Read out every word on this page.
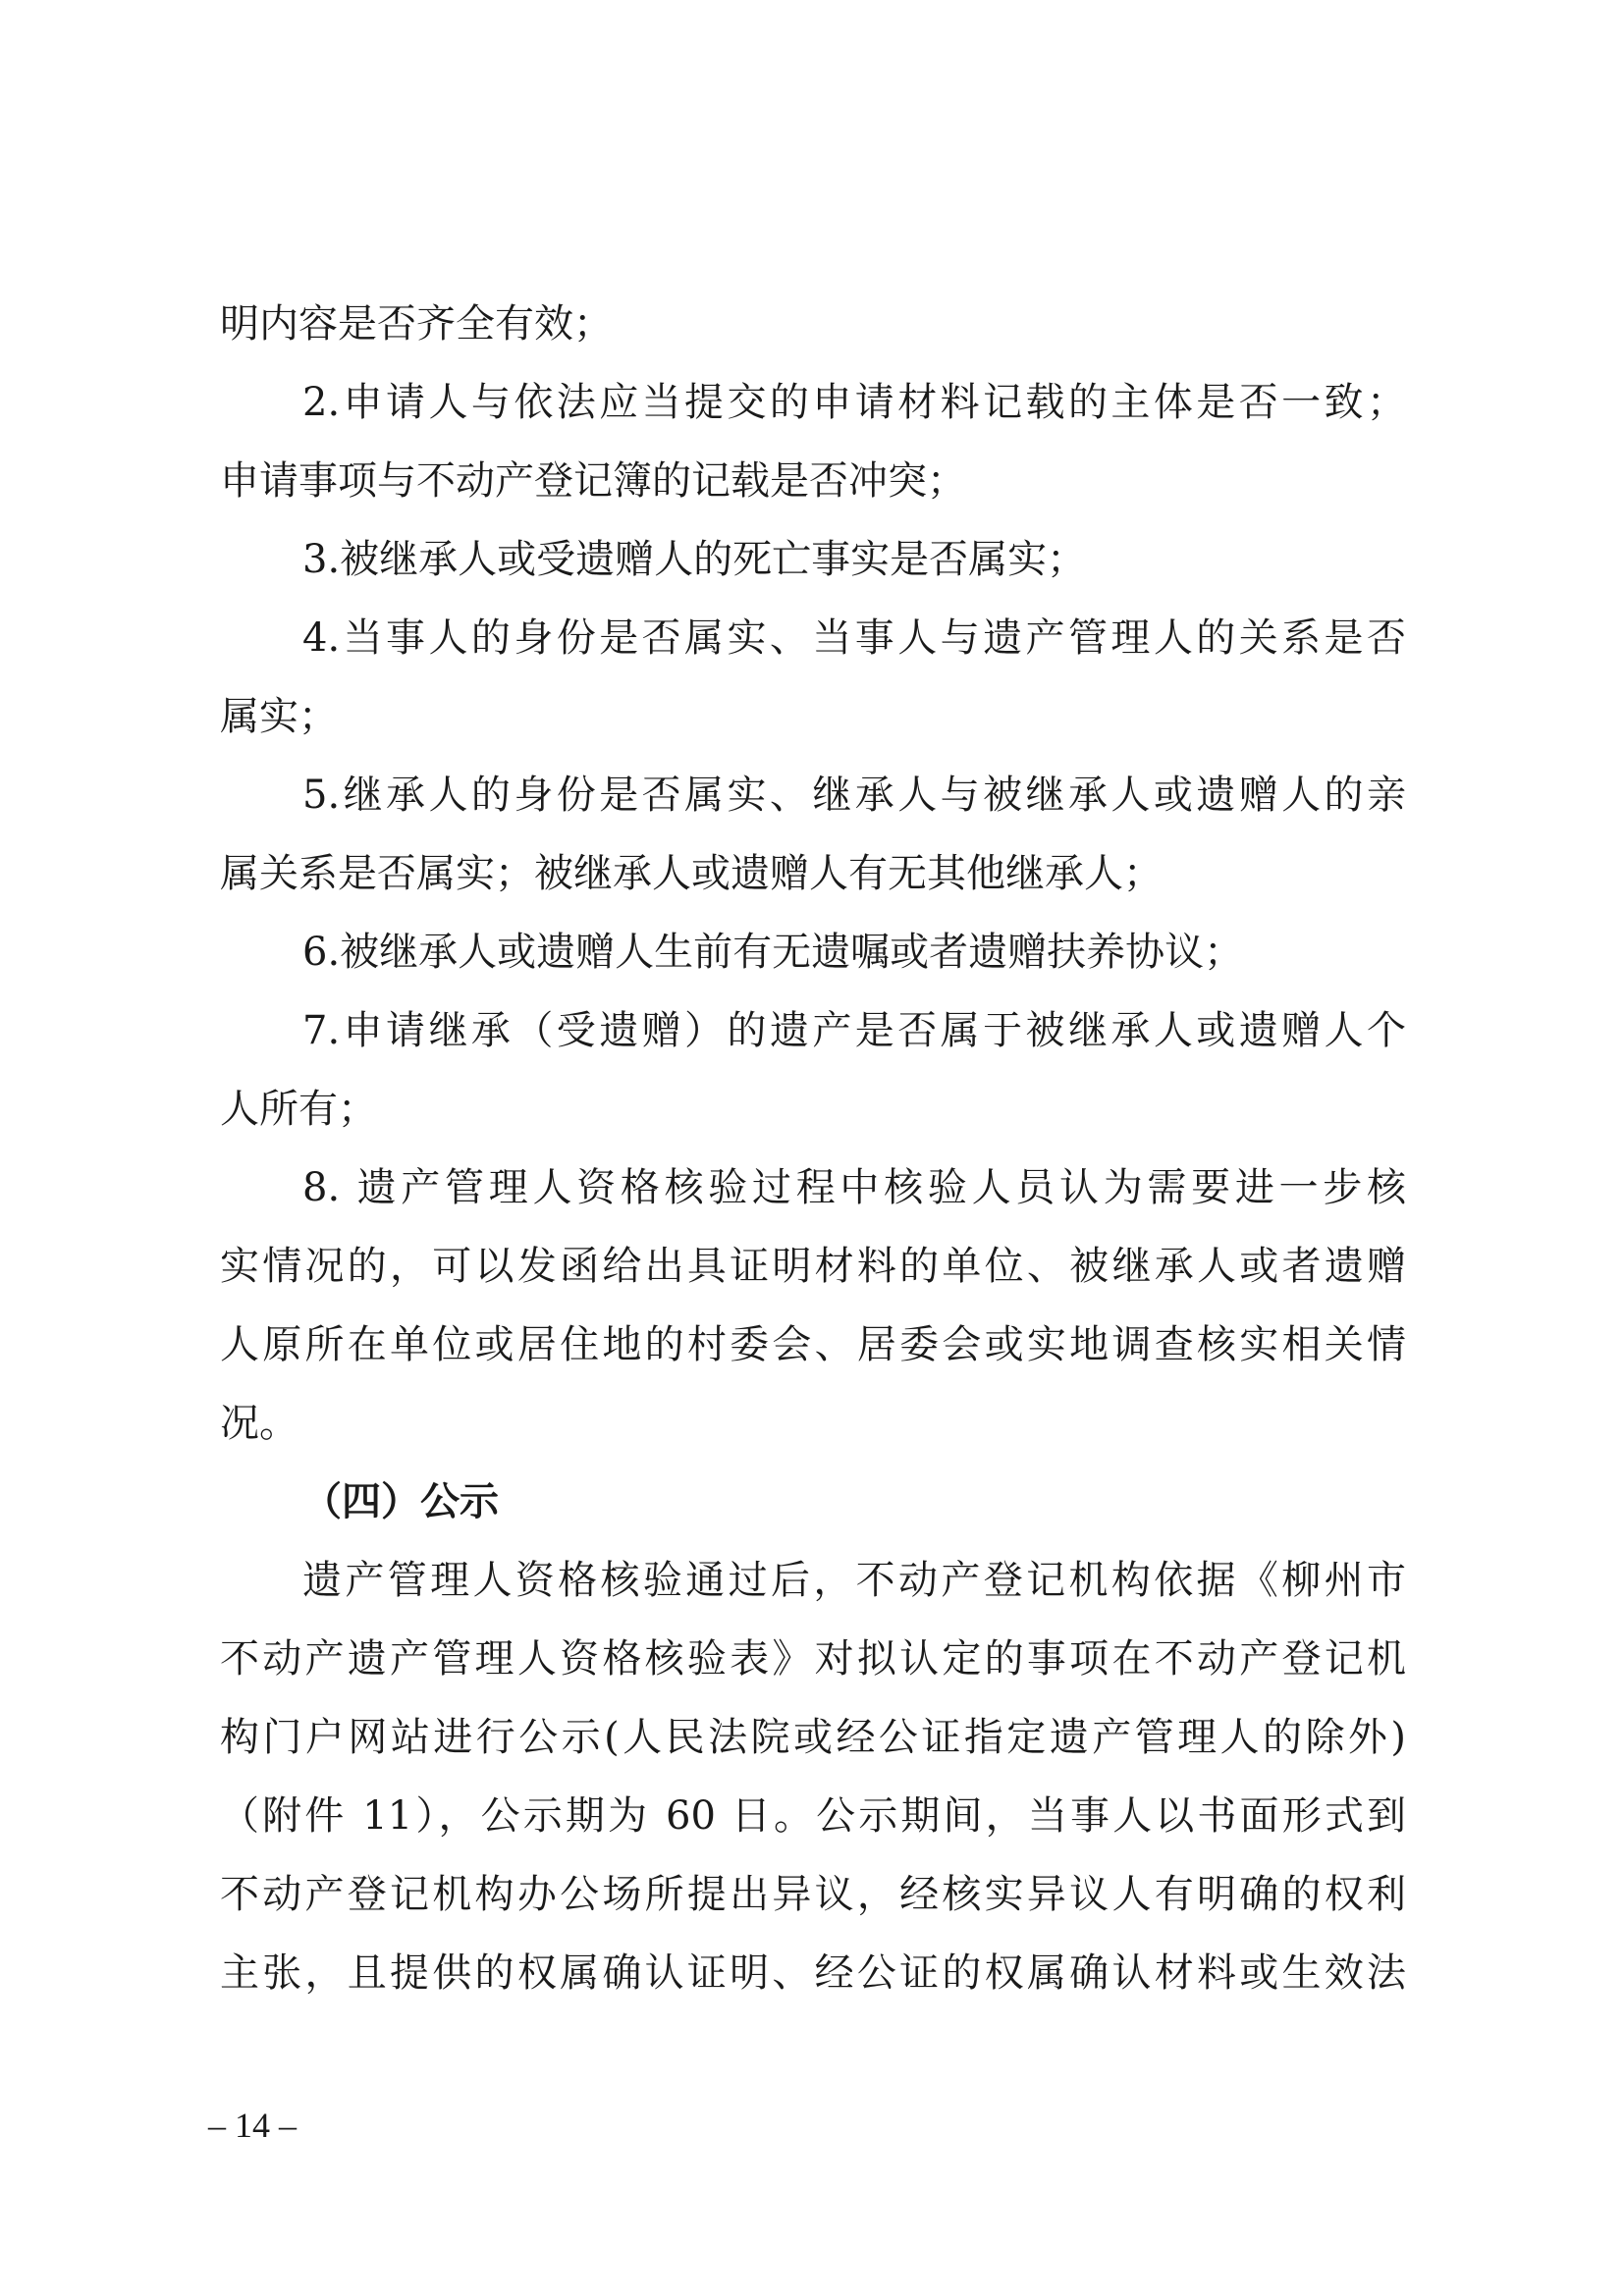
明内容是否齐全有效；
2.申请人与依法应当提交的申请材料记载的主体是否一致；
申请事项与不动产登记簿的记载是否冲突；
3.被继承人或受遗赠人的死亡事实是否属实；
4.当事人的身份是否属实、当事人与遗产管理人的关系是否
属实；
5.继承人的身份是否属实、继承人与被继承人或遗赠人的亲
属关系是否属实；被继承人或遗赠人有无其他继承人；
6.被继承人或遗赠人生前有无遗嘱或者遗赠扶养协议；
7.申请继承（受遗赠）的遗产是否属于被继承人或遗赠人个
人所有；
8. 遗产管理人资格核验过程中核验人员认为需要进一步核
实情况的，可以发函给出具证明材料的单位、被继承人或者遗赠
人原所在单位或居住地的村委会、居委会或实地调查核实相关情
况。
（四）公示
遗产管理人资格核验通过后，不动产登记机构依据《柳州市
不动产遗产管理人资格核验表》对拟认定的事项在不动产登记机
构门户网站进行公示(人民法院或经公证指定遗产管理人的除外)
（附件 11），公示期为 60 日。公示期间，当事人以书面形式到
不动产登记机构办公场所提出异议，经核实异议人有明确的权利
主张，且提供的权属确认证明、经公证的权属确认材料或生效法
– 14 –
